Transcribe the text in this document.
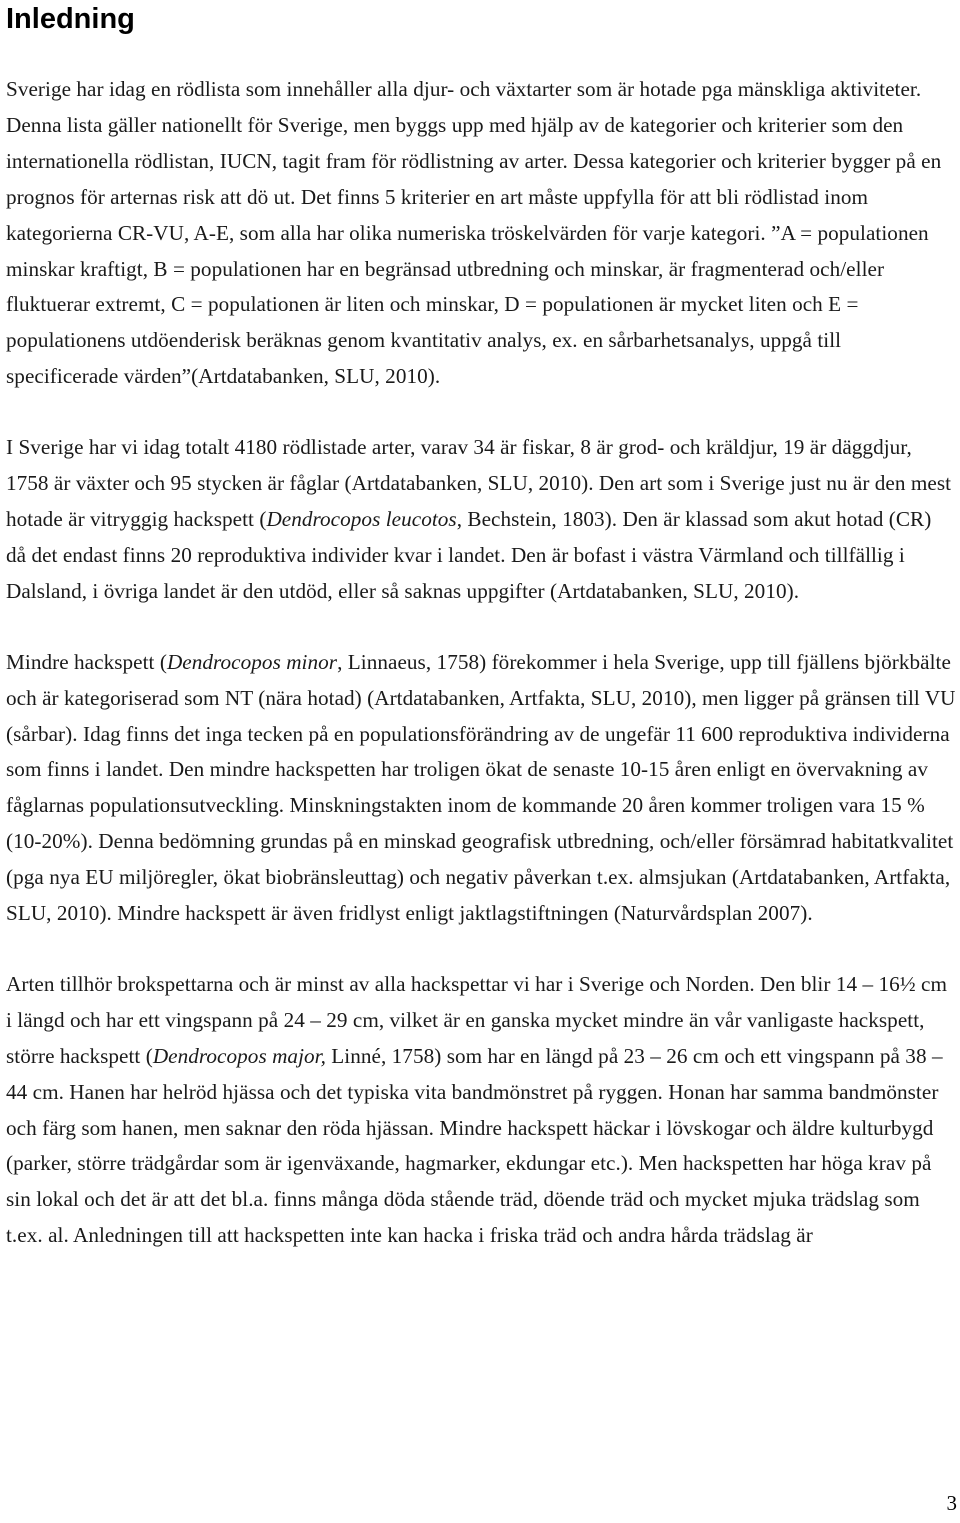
Inledning

Sverige har idag en rödlista som innehåller alla djur- och växtarter som är hotade pga mänskliga aktiviteter. Denna lista gäller nationellt för Sverige, men byggs upp med hjälp av de kategorier och kriterier som den internationella rödlistan, IUCN, tagit fram för rödlistning av arter. Dessa kategorier och kriterier bygger på en prognos för arternas risk att dö ut. Det finns 5 kriterier en art måste uppfylla för att bli rödlistad inom kategorierna CR-VU, A-E, som alla har olika numeriska tröskelvärden för varje kategori. ”A = populationen minskar kraftigt, B = populationen har en begränsad utbredning och minskar, är fragmenterad och/eller fluktuerar extremt, C = populationen är liten och minskar, D = populationen är mycket liten och E = populationens utdöenderisk beräknas genom kvantitativ analys, ex. en sårbarhetsanalys, uppgå till specificerade värden”(Artdatabanken, SLU, 2010).

I Sverige har vi idag totalt 4180 rödlistade arter, varav 34 är fiskar, 8 är grod- och kräldjur, 19 är däggdjur, 1758 är växter och 95 stycken är fåglar (Artdatabanken, SLU, 2010). Den art som i Sverige just nu är den mest hotade är vitryggig hackspett (Dendrocopos leucotos, Bechstein, 1803). Den är klassad som akut hotad (CR) då det endast finns 20 reproduktiva individer kvar i landet. Den är bofast i västra Värmland och tillfällig i Dalsland, i övriga landet är den utdöd, eller så saknas uppgifter (Artdatabanken, SLU, 2010).

Mindre hackspett (Dendrocopos minor, Linnaeus, 1758) förekommer i hela Sverige, upp till fjällens björkbälte och är kategoriserad som NT (nära hotad) (Artdatabanken, Artfakta, SLU, 2010), men ligger på gränsen till VU (sårbar). Idag finns det inga tecken på en populationsförändring av de ungefär 11 600 reproduktiva individerna som finns i landet. Den mindre hackspetten har troligen ökat de senaste 10-15 åren enligt en övervakning av fåglarnas populationsutveckling. Minskningstakten inom de kommande 20 åren kommer troligen vara 15 % (10-20%). Denna bedömning grundas på en minskad geografisk utbredning, och/eller försämrad habitatkvalitet (pga nya EU miljöregler, ökat biobränsleuttag) och negativ påverkan t.ex. almsjukan (Artdatabanken, Artfakta, SLU, 2010). Mindre hackspett är även fridlyst enligt jaktlagstiftningen (Naturvårdsplan 2007).

Arten tillhör brokspettarna och är minst av alla hackspettar vi har i Sverige och Norden. Den blir 14 – 16½ cm i längd och har ett vingspann på 24 – 29 cm, vilket är en ganska mycket mindre än vår vanligaste hackspett, större hackspett (Dendrocopos major, Linné, 1758) som har en längd på 23 – 26 cm och ett vingspann på 38 – 44 cm. Hanen har helröd hjässa och det typiska vita bandmönstret på ryggen. Honan har samma bandmönster och färg som hanen, men saknar den röda hjässan. Mindre hackspett häckar i lövskogar och äldre kulturbygd (parker, större trädgårdar som är igenväxande, hagmarker, ekdungar etc.). Men hackspetten har höga krav på sin lokal och det är att det bl.a. finns många döda stående träd, döende träd och mycket mjuka trädslag som t.ex. al. Anledningen till att hackspetten inte kan hacka i friska träd och andra hårda trädslag är

3
